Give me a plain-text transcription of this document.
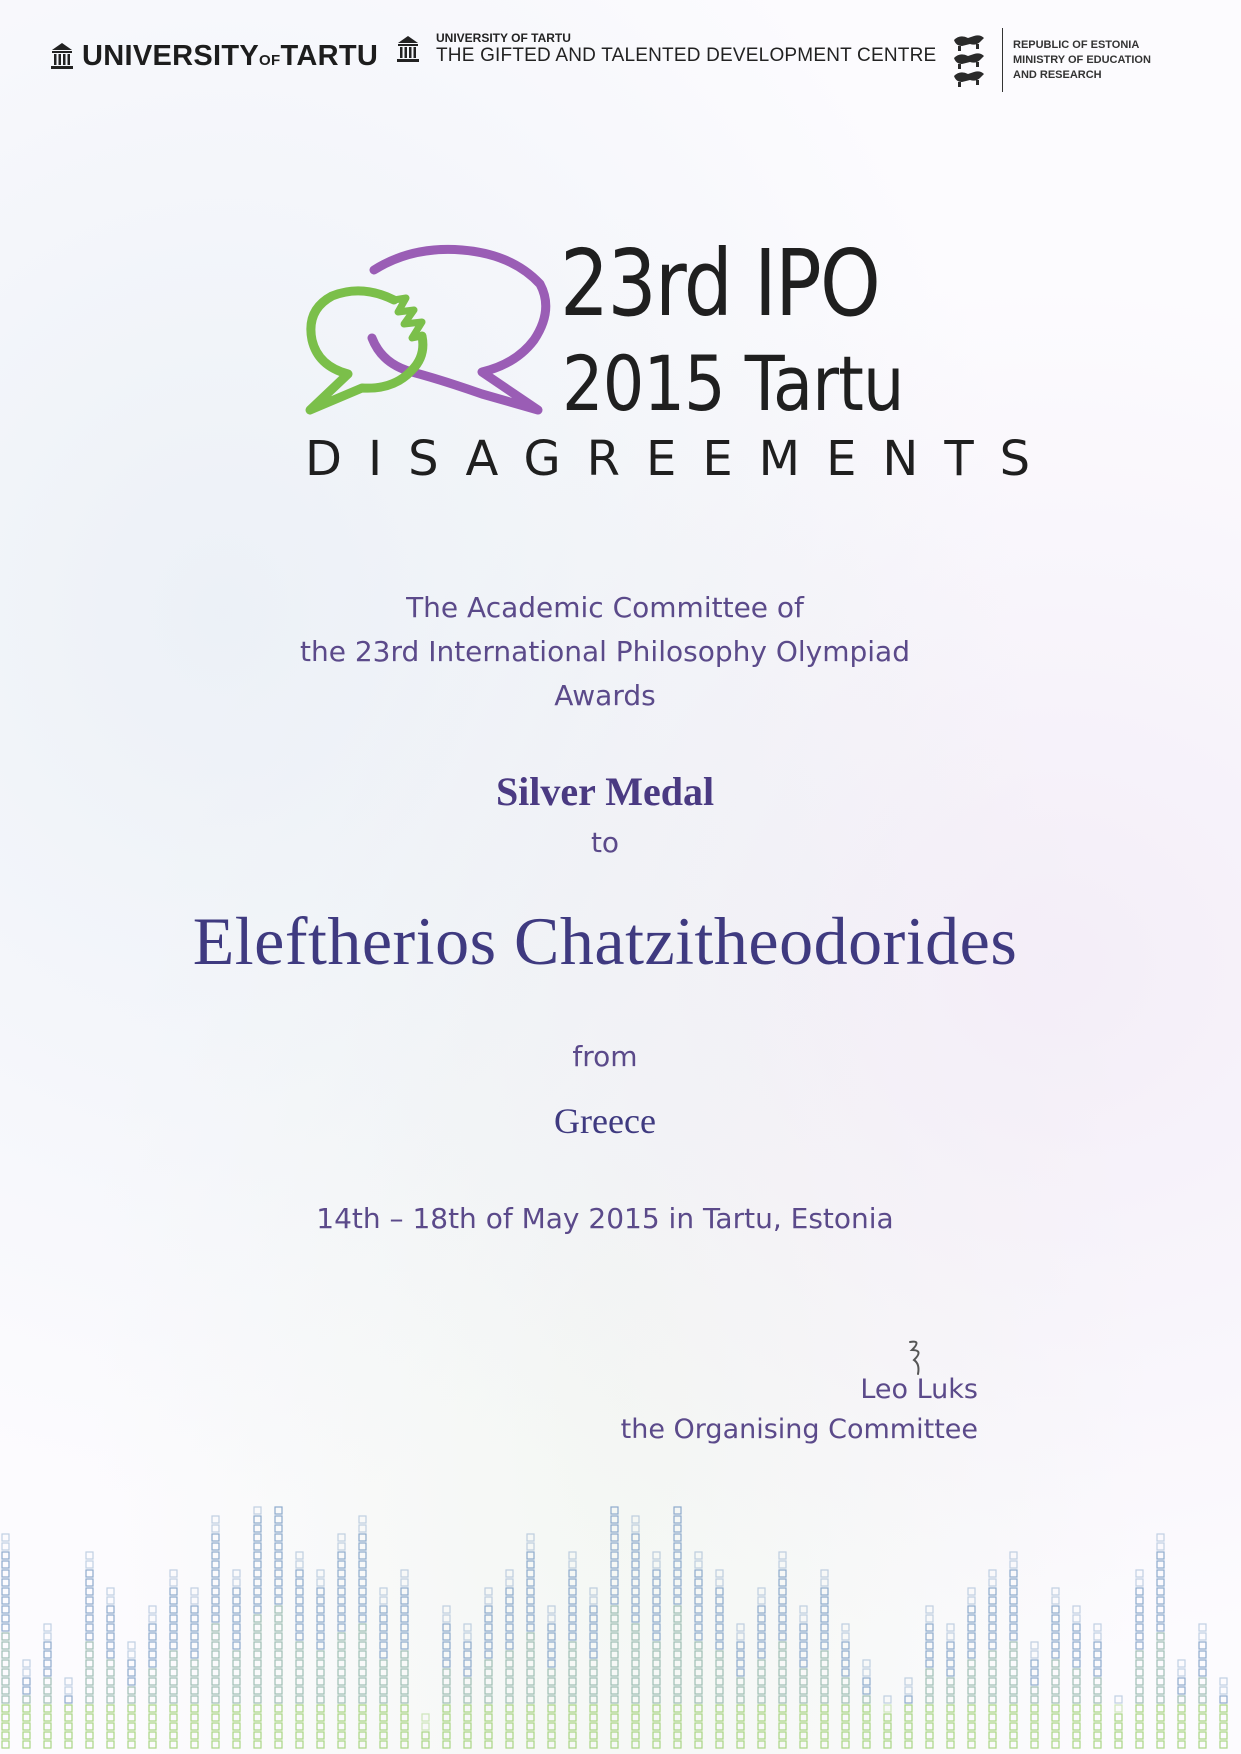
UNIVERSITYOFTARTU
UNIVERSITY OF TARTU
THE GIFTED AND TALENTED DEVELOPMENT CENTRE
REPUBLIC OF ESTONIA
MINISTRY OF EDUCATION
AND RESEARCH
23rd IPO
2015 Tartu
DISAGREEMENTS
The Academic Committee of
the 23rd International Philosophy Olympiad
Awards
Silver Medal
to
Eleftherios Chatzitheodorides
from
Greece
14th – 18th of May 2015 in Tartu, Estonia
Leo Luks
the Organising Committee
